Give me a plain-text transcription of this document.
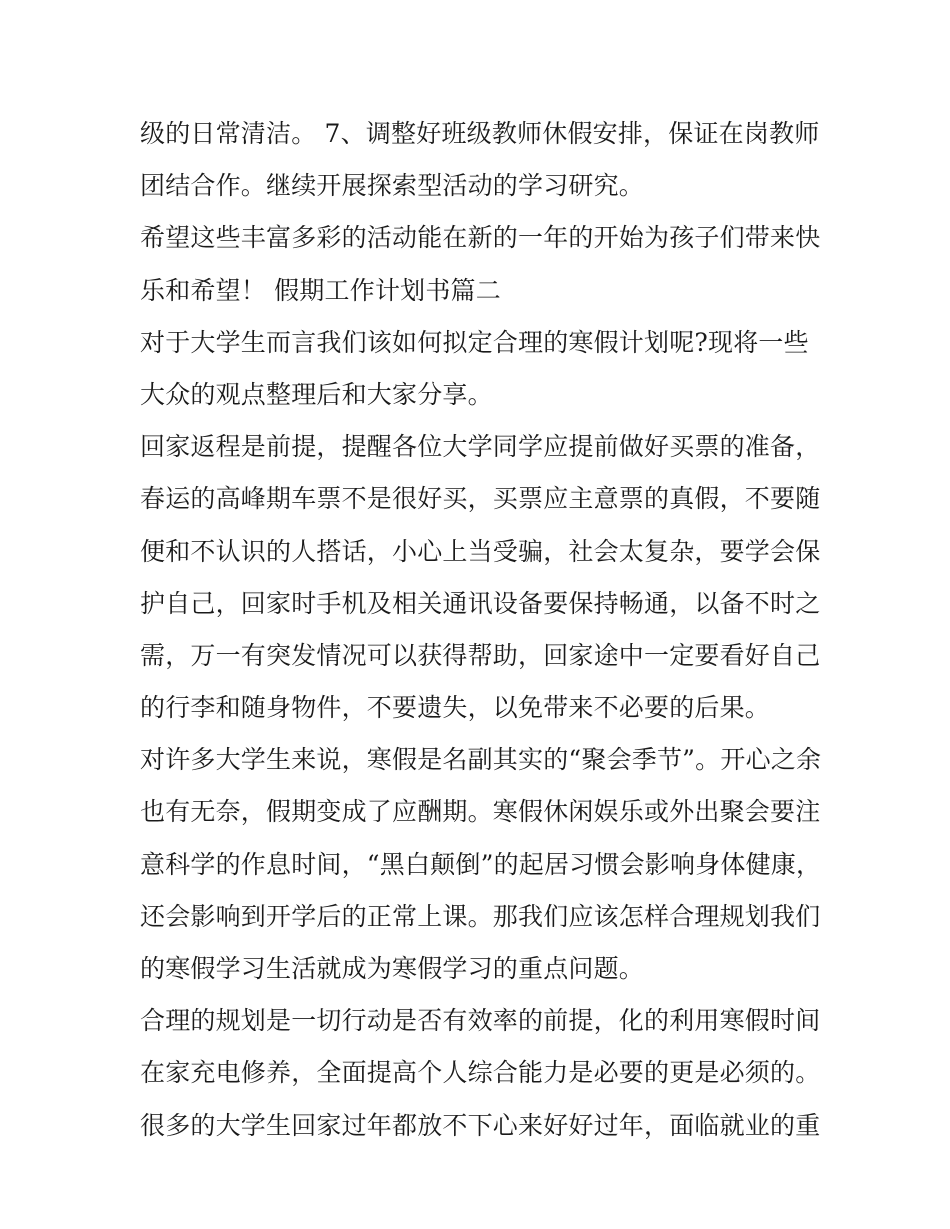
级的日常清洁。 7、调整好班级教师休假安排，保证在岗教师
团结合作。继续开展探索型活动的学习研究。
希望这些丰富多彩的活动能在新的一年的开始为孩子们带来快
乐和希望！ 假期工作计划书篇二
对于大学生而言我们该如何拟定合理的寒假计划呢?现将一些
大众的观点整理后和大家分享。
回家返程是前提，提醒各位大学同学应提前做好买票的准备，
春运的高峰期车票不是很好买，买票应主意票的真假，不要随
便和不认识的人搭话，小心上当受骗，社会太复杂，要学会保
护自己，回家时手机及相关通讯设备要保持畅通，以备不时之
需，万一有突发情况可以获得帮助，回家途中一定要看好自己
的行李和随身物件，不要遗失，以免带来不必要的后果。
对许多大学生来说，寒假是名副其实的“聚会季节”。开心之余
也有无奈，假期变成了应酬期。寒假休闲娱乐或外出聚会要注
意科学的作息时间，“黑白颠倒”的起居习惯会影响身体健康，
还会影响到开学后的正常上课。那我们应该怎样合理规划我们
的寒假学习生活就成为寒假学习的重点问题。
合理的规划是一切行动是否有效率的前提，化的利用寒假时间
在家充电修养，全面提高个人综合能力是必要的更是必须的。
很多的大学生回家过年都放不下心来好好过年，面临就业的重
